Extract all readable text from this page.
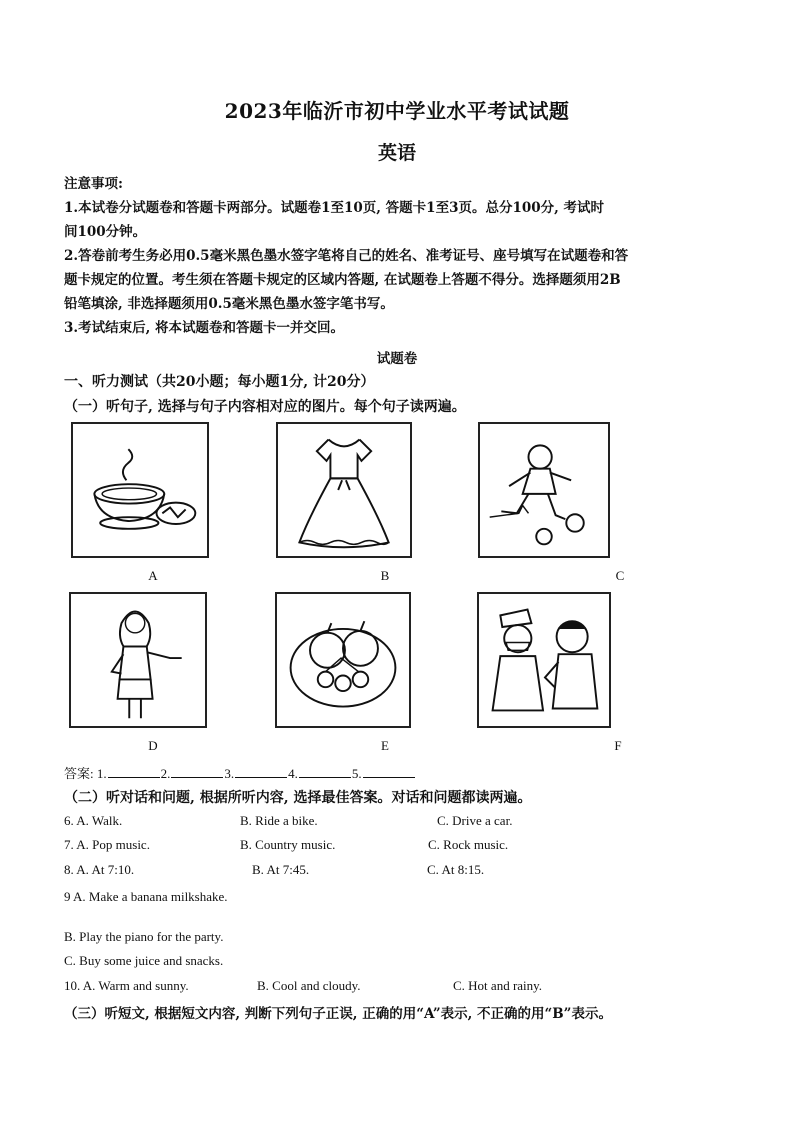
2023年临沂市初中学业水平考试试题
英语
注意事项:
1.本试卷分试题卷和答题卡两部分。试题卷1至10页, 答题卡1至3页。总分100分, 考试时
间100分钟。
2.答卷前考生务必用0.5毫米黑色墨水签字笔将自己的姓名、准考证号、座号填写在试题卷和答
题卡规定的位置。考生须在答题卡规定的区域内答题, 在试题卷上答题不得分。选择题须用2B
铅笔填涂, 非选择题须用0.5毫米黑色墨水签字笔书写。
3.考试结束后, 将本试题卷和答题卡一并交回。
试题卷
一、听力测试（共20小题；每小题1分, 计20分）
（一）听句子, 选择与句子内容相对应的图片。每个句子读两遍。
A	B	C
D	E	F
答案: 1.	2.	3.	4.	5.
（二）听对话和问题, 根据所听内容, 选择最佳答案。对话和问题都读两遍。
6. A. Walk.	B. Ride a bike.	C. Drive a car.
7. A. Pop music.	B. Country music.	C. Rock music.
8. A. At 7:10.	B. At 7:45.	C. At 8:15.
9 A. Make a banana milkshake.
B. Play the piano for the party.
C. Buy some juice and snacks.
10. A. Warm and sunny.	B. Cool and cloudy.	C. Hot and rainy.
（三）听短文, 根据短文内容, 判断下列句子正误, 正确的用“A”表示, 不正确的用“B”表示。
